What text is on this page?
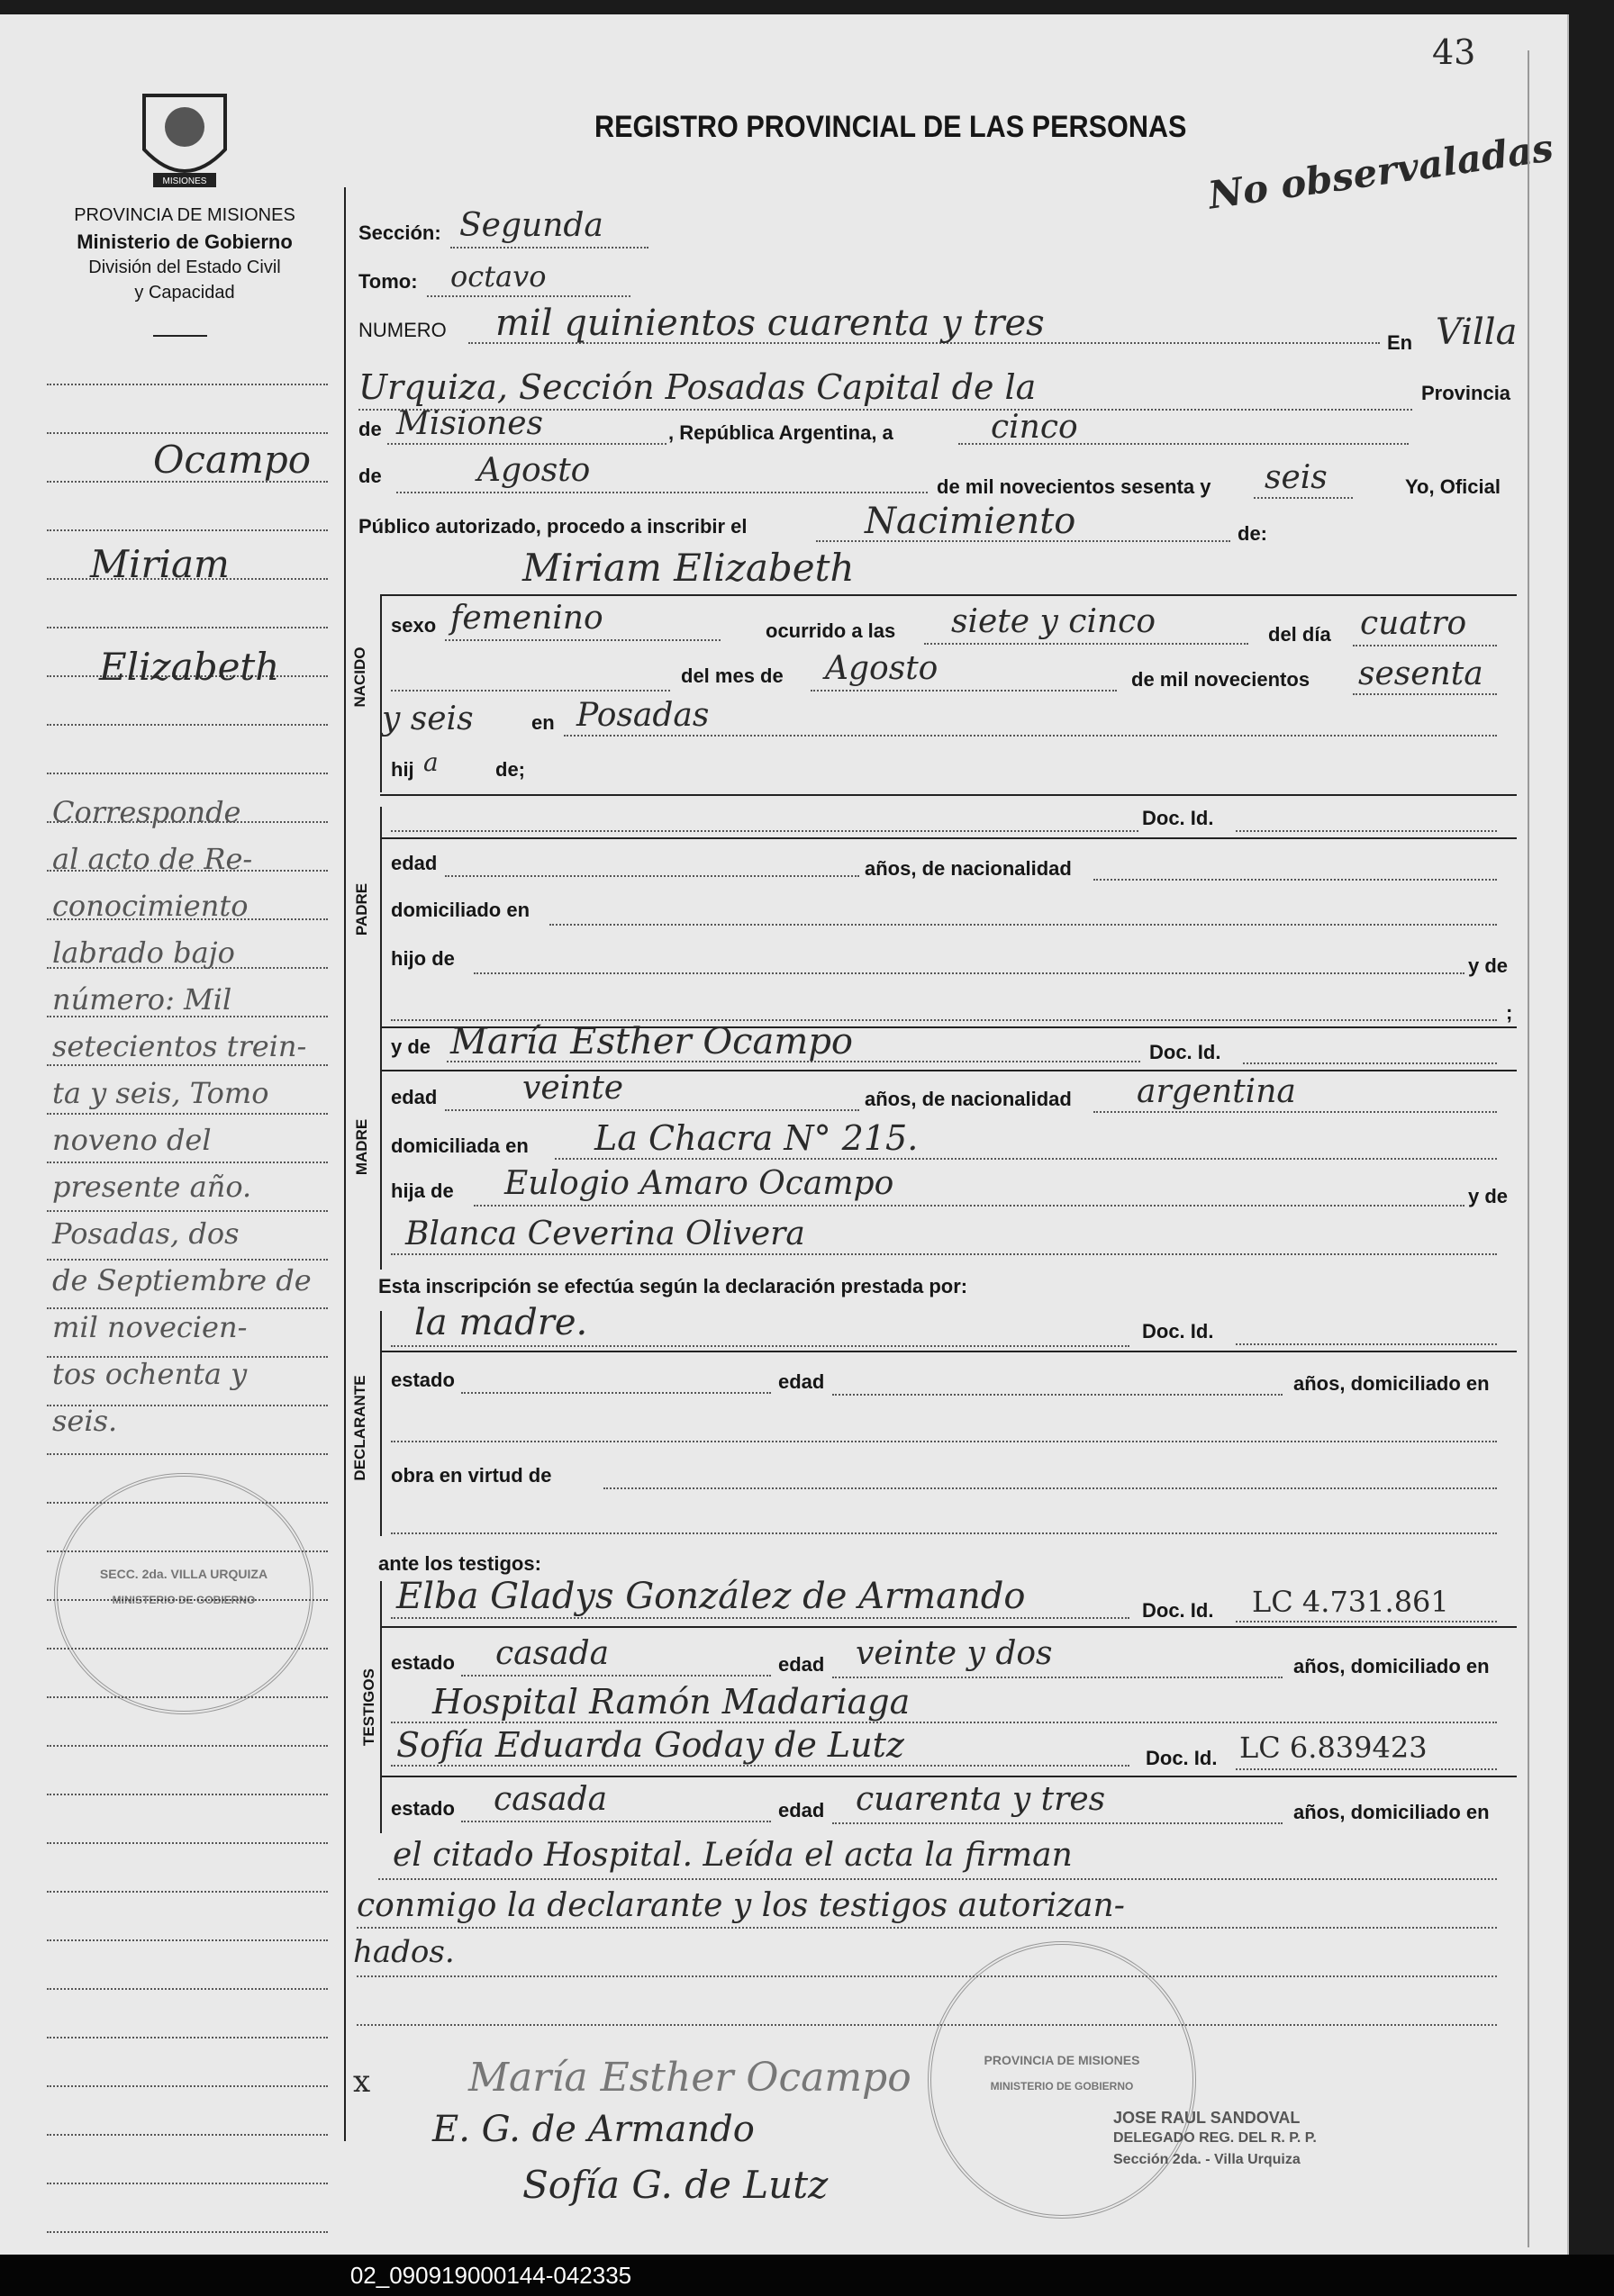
43
REGISTRO PROVINCIAL DE LAS PERSONAS No observaladas
MISIONES
PROVINCIA DE MISIONES
Ministerio de Gobierno
División del Estado Civil
y Capacidad
Ocampo
Miriam
Elizabeth
Corresponde
al acto de Re-
conocimiento
labrado bajo
número: Mil
setecientos trein-
ta y seis, Tomo
noveno del
presente año.
Posadas, dos
de Septiembre de
mil novecien-
tos ochenta y
seis.
SECC. 2da. VILLA URQUIZA
MINISTERIO DE GOBIERNO
PROVINCIA DE MISIONES
MINISTERIO DE GOBIERNO
Sección: Segunda
Tomo: octavo
NUMERO mil quinientos cuarenta y tres	En Villa
Urquiza, Sección Posadas Capital de la	Provincia
de Misiones	, República Argentina, a	cinco
de	Agosto	de mil novecientos sesenta y seis	Yo, Oficial
Público autorizado, procedo a inscribir el	Nacimiento	de:
Miriam Elizabeth
NACIDO
sexo femenino	ocurrido a las siete y cinco	del día cuatro
del mes de Agosto	de mil novecientos sesenta
y seis	en Posadas
hij a	de;
PADRE
Doc. Id.
edad	años, de nacionalidad
domiciliado en
hijo de	y de
;
MADRE
y de María Esther Ocampo	Doc. Id.
edad	veinte	años, de nacionalidad argentina
domiciliada en La Chacra N° 215.
hija de Eulogio Amaro Ocampo	y de
Blanca Ceverina Olivera
Esta inscripción se efectúa según la declaración prestada por:
DECLARANTE
la madre.	Doc. Id.
estado	edad	años, domiciliado en
obra en virtud de
ante los testigos:
TESTIGOS
Elba Gladys González de Armando	Doc. Id. LC 4.731.861
estado casada	edad veinte y dos	años, domiciliado en
Hospital Ramón Madariaga
Sofía Eduarda Goday de Lutz	Doc. Id. LC 6.839423
estado casada	edad cuarenta y tres	años, domiciliado en
el citado Hospital. Leída el acta la firman
conmigo la declarante y los testigos autorizan-
hados.
x María Esther Ocampo
E. G. de Armando
Sofía G. de Lutz
JOSE RAUL SANDOVAL
DELEGADO REG. DEL R. P. P.
Sección 2da. - Villa Urquiza
02_090919000144-042335
